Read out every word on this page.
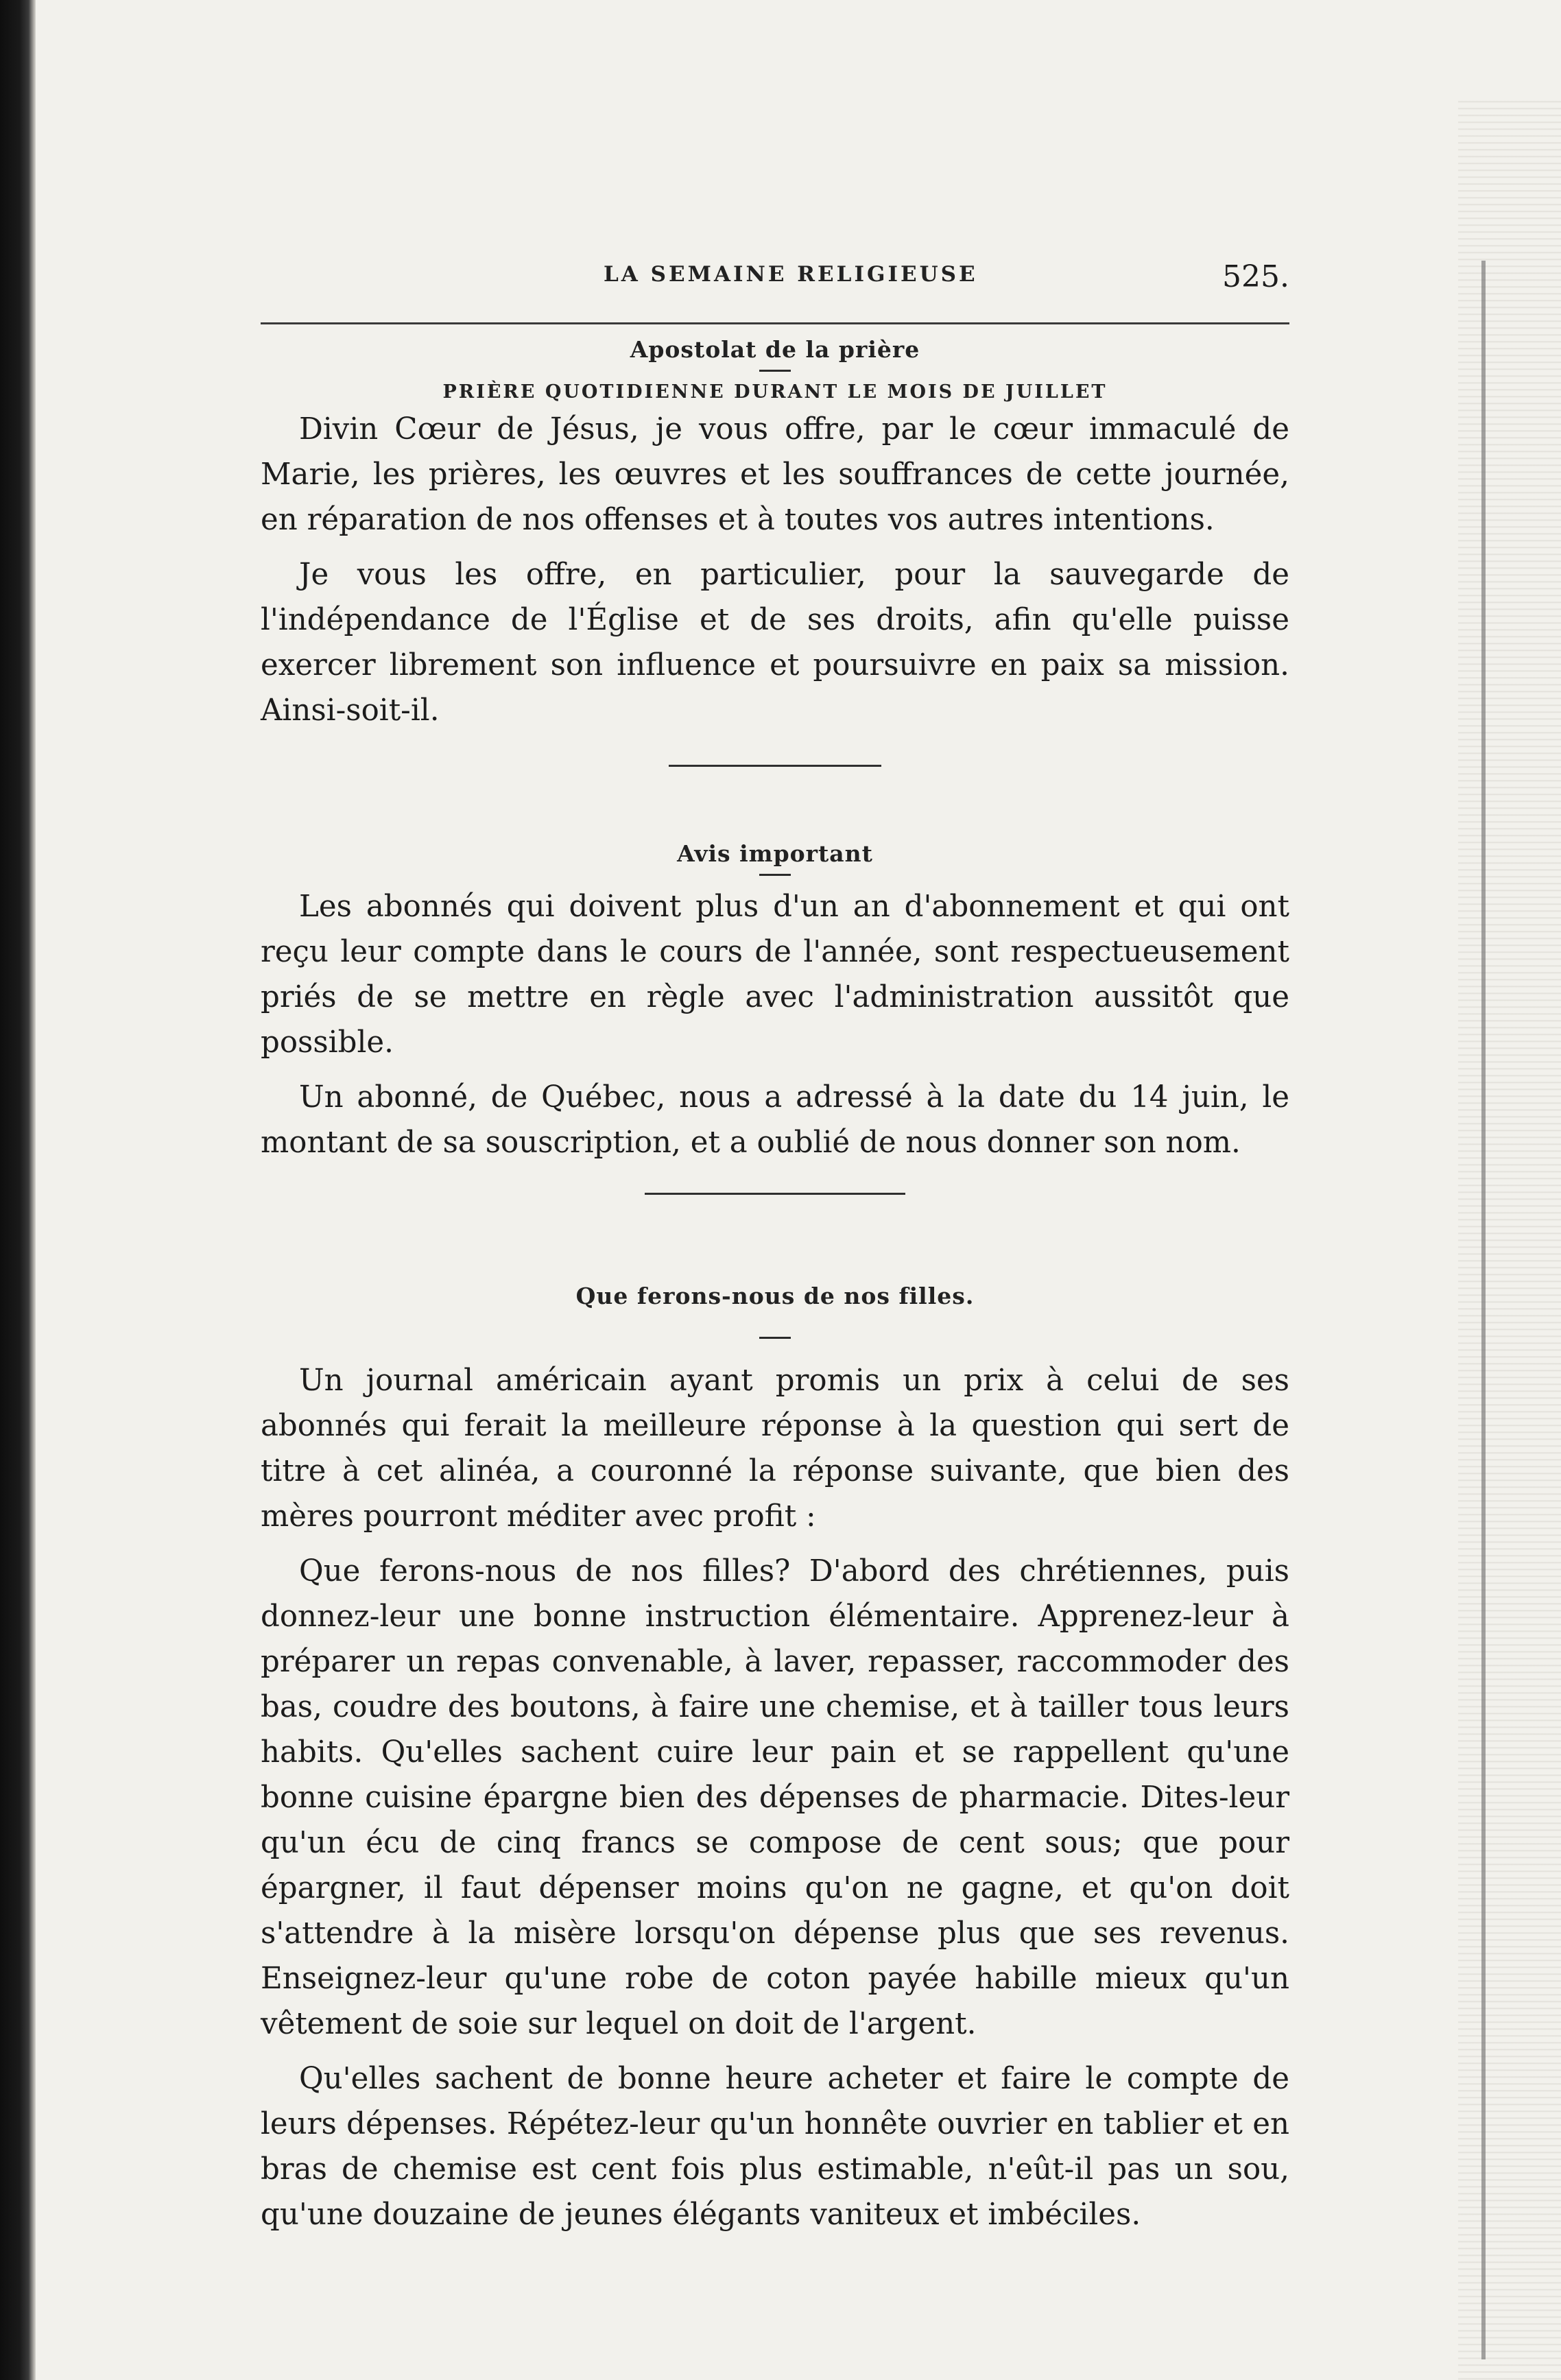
LA SEMAINE RELIGIEUSE	525.

Apostolat de la prière

PRIÈRE QUOTIDIENNE DURANT LE MOIS DE JUILLET

Divin Cœur de Jésus, je vous offre, par le cœur immaculé de Marie, les prières, les œuvres et les souffrances de cette journée, en réparation de nos offenses et à toutes vos autres intentions.

Je vous les offre, en particulier, pour la sauvegarde de l'indépendance de l'Église et de ses droits, afin qu'elle puisse exercer librement son influence et poursuivre en paix sa mission. Ainsi-soit-il.

Avis important

Les abonnés qui doivent plus d'un an d'abonnement et qui ont reçu leur compte dans le cours de l'année, sont respectueusement priés de se mettre en règle avec l'administration aussitôt que possible.

Un abonné, de Québec, nous a adressé à la date du 14 juin, le montant de sa souscription, et a oublié de nous donner son nom.

Que ferons-nous de nos filles.

Un journal américain ayant promis un prix à celui de ses abonnés qui ferait la meilleure réponse à la question qui sert de titre à cet alinéa, a couronné la réponse suivante, que bien des mères pourront méditer avec profit :

Que ferons-nous de nos filles? D'abord des chrétiennes, puis donnez-leur une bonne instruction élémentaire. Apprenez-leur à préparer un repas convenable, à laver, repasser, raccommoder des bas, coudre des boutons, à faire une chemise, et à tailler tous leurs habits. Qu'elles sachent cuire leur pain et se rappellent qu'une bonne cuisine épargne bien des dépenses de pharmacie. Dites-leur qu'un écu de cinq francs se compose de cent sous; que pour épargner, il faut dépenser moins qu'on ne gagne, et qu'on doit s'attendre à la misère lorsqu'on dépense plus que ses revenus. Enseignez-leur qu'une robe de coton payée habille mieux qu'un vêtement de soie sur lequel on doit de l'argent.

Qu'elles sachent de bonne heure acheter et faire le compte de leurs dépenses. Répétez-leur qu'un honnête ouvrier en tablier et en bras de chemise est cent fois plus estimable, n'eût-il pas un sou, qu'une douzaine de jeunes élégants vaniteux et imbéciles.
